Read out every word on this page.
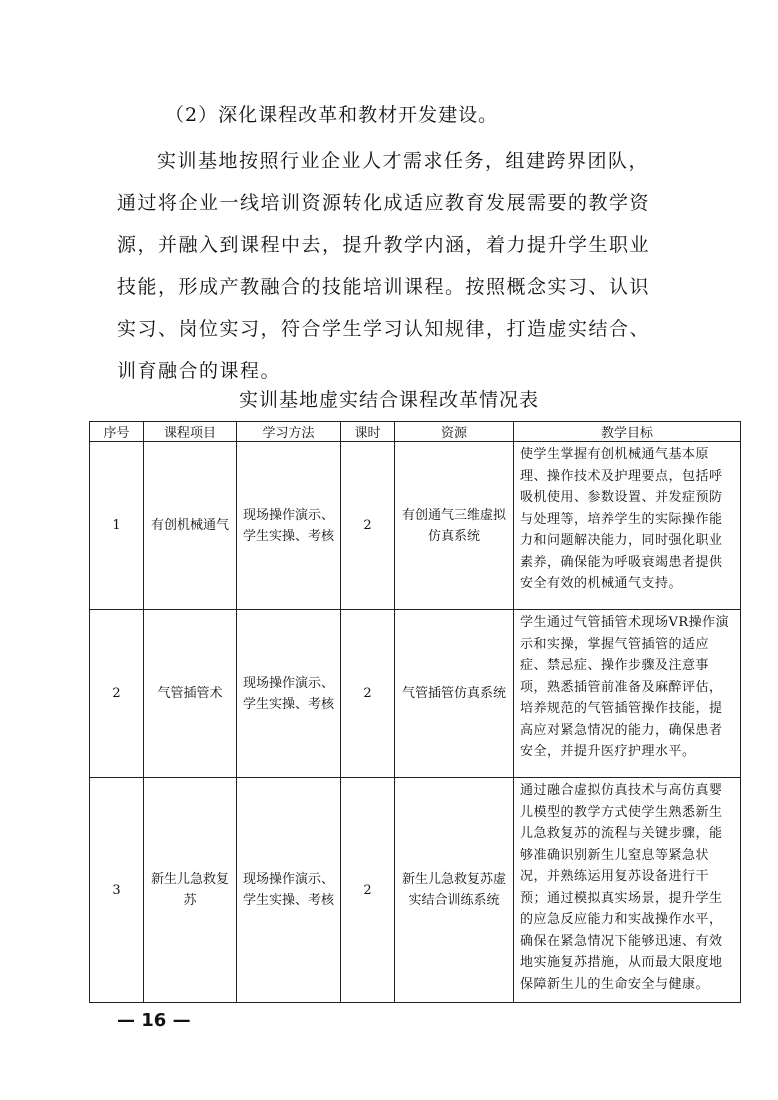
（2）深化课程改革和教材开发建设。
实训基地按照行业企业人才需求任务，组建跨界团队，
通过将企业一线培训资源转化成适应教育发展需要的教学资
源，并融入到课程中去，提升教学内涵，着力提升学生职业
技能，形成产教融合的技能培训课程。按照概念实习、认识
实习、岗位实习，符合学生学习认知规律，打造虚实结合、
训育融合的课程。
实训基地虚实结合课程改革情况表
序号	课程项目	学习方法	课时	资源	教学目标
1	有创机械通气	现场操作演示、学生实操、考核	2	有创通气三维虚拟仿真系统	使学生掌握有创机械通气基本原理、操作技术及护理要点，包括呼吸机使用、参数设置、并发症预防与处理等，培养学生的实际操作能力和问题解决能力，同时强化职业素养，确保能为呼吸衰竭患者提供安全有效的机械通气支持。
2	气管插管术	现场操作演示、学生实操、考核	2	气管插管仿真系统	学生通过气管插管术现场VR操作演示和实操，掌握气管插管的适应症、禁忌症、操作步骤及注意事项，熟悉插管前准备及麻醉评估，培养规范的气管插管操作技能，提高应对紧急情况的能力，确保患者安全，并提升医疗护理水平。
3	新生儿急救复苏	现场操作演示、学生实操、考核	2	新生儿急救复苏虚实结合训练系统	通过融合虚拟仿真技术与高仿真婴儿模型的教学方式使学生熟悉新生儿急救复苏的流程与关键步骤，能够准确识别新生儿窒息等紧急状况，并熟练运用复苏设备进行干预；通过模拟真实场景，提升学生的应急反应能力和实战操作水平，确保在紧急情况下能够迅速、有效地实施复苏措施，从而最大限度地保障新生儿的生命安全与健康。
— 16 —
